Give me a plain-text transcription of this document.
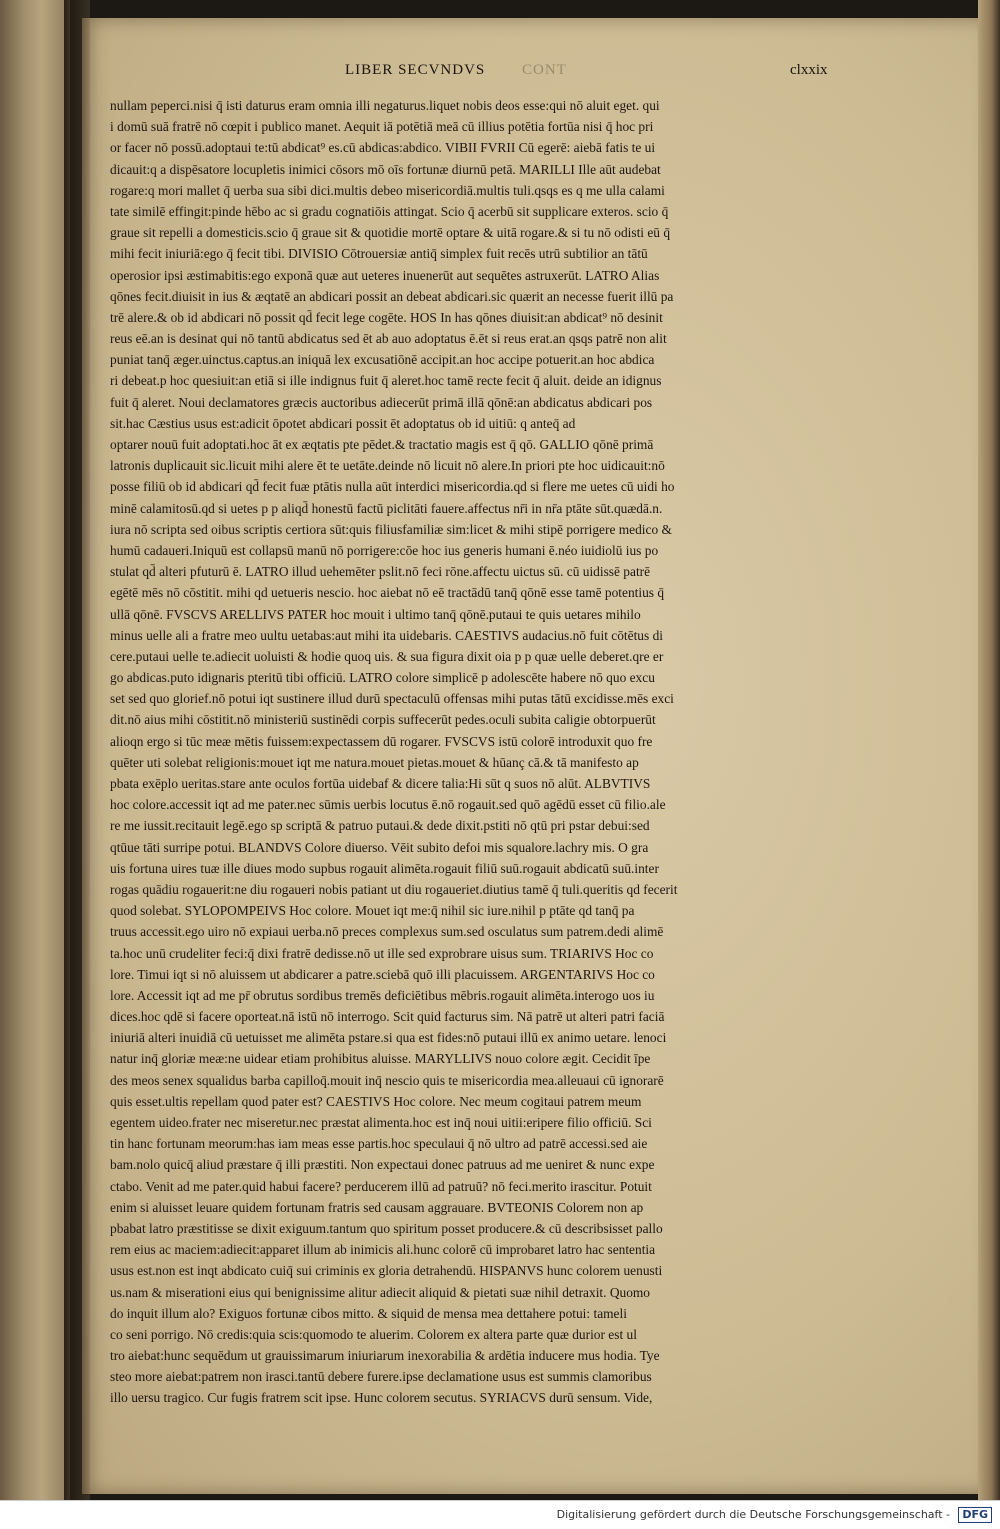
LIBER SECVNDVS CONT	clxxix
nullam peperci.nisi q̄ isti daturus eram omnia illi negaturus.liquet nobis deos esse:qui nō aluit eget. qui
i domū suā fratrē nō cœpit i publico manet. Aequit iā potētiā meā cū illius potētia fortūa nisi q̄ hoc pri
or facer nō possū.adoptaui te:tū abdicat⁹ es.cū abdicas:abdico. VIBII FVRII Cū egerē: aiebā fatis te ui
dicauit:q a dispēsatore locupletis inimici cōsors mō oīs fortunæ diurnū petā. MARILLI Ille aūt audebat
rogare:q mori mallet q̄ uerba sua sibi dici.multis debeo misericordiā.multis tuli.qsqs es q me ulla calami
tate similē effingit:pinde hēbo ac si gradu cognatiōis attingat. Scio q̄ acerbū sit supplicare exteros. scio q̄
graue sit repelli a domesticis.scio q̄ graue sit & quotidie mortē optare & uitā rogare.& si tu nō odisti eū q̄
mihi fecit iniuriā:ego q̄ fecit tibi. DIVISIO Cōtrouersiæ antiq̄ simplex fuit recēs utrū subtilior an tātū
operosior ipsi æstimabitis:ego exponā quæ aut ueteres inuenerūt aut sequētes astruxerūt. LATRO Alias
qōnes fecit.diuisit in ius & æqtatē an abdicari possit an debeat abdicari.sic quærit an necesse fuerit illū pa
trē alere.& ob id abdicari nō possit qd̄ fecit lege cogēte. HOS In has qōnes diuisit:an abdicat⁹ nō desinit
reus eē.an is desinat qui nō tantū abdicatus sed ēt ab auo adoptatus ē.ēt si reus erat.an qsqs patrē non alit
puniat tanq̄ æger.uinctus.captus.an iniquā lex excusatiōnē accipit.an hoc accipe potuerit.an hoc abdica
ri debeat.p hoc quesiuit:an etiā si ille indignus fuit q̄ aleret.hoc tamē recte fecit q̄ aluit. deide an idignus
fuit q̄ aleret. Noui declamatores græcis auctoribus adiecerūt primā illā qōnē:an abdicatus abdicari pos
sit.hac Cæstius usus est:adicit ōpotet abdicari possit ēt adoptatus ob id uitiū: q anteq̄ ad
optarer nouū fuit adoptati.hoc āt ex æqtatis pte pēdet.& tractatio magis est q̄ qō. GALLIO qōnē primā
latronis duplicauit sic.licuit mihi alere ēt te uetāte.deinde nō licuit nō alere.In priori pte hoc uidicauit:nō
posse filiū ob id abdicari qd̄ fecit fuæ ptātis nulla aūt interdici misericordia.qd si flere me uetes cū uidi ho
minē calamitosū.qd si uetes p p aliqd̄ honestū factū piclitāti fauere.affectus nr̄i in nr̄a ptāte sūt.quædā.n.
iura nō scripta sed oibus scriptis certiora sūt:quis filiusfamiliæ sim:licet & mihi stipē porrigere medico &
humū cadaueri.Iniquū est collapsū manū nō porrigere:cōe hoc ius generis humani ē.néo iuidiolū ius po
stulat qd̄ alteri pfuturū ē. LATRO illud uehemēter pslit.nō feci rōne.affectu uictus sū. cū uidissē patrē
egētē mēs nō cōstitit. mihi qd uetueris nescio. hoc aiebat nō eē tractādū tanq̄ qōnē esse tamē potentius q̄
ullā qōnē. FVSCVS ARELLIVS PATER hoc mouit i ultimo tanq̄ qōnē.putaui te quis uetares mihilo
minus uelle ali a fratre meo uultu uetabas:aut mihi ita uidebaris. CAESTIVS audacius.nō fuit cōtētus di
cere.putaui uelle te.adiecit uoluisti & hodie quoq uis. & sua figura dixit oia p p quæ uelle deberet.qre er
go abdicas.puto idignaris pteritū tibi officiū. LATRO colore simplicē p adolescēte habere nō quo excu
set sed quo glorief.nō potui iqt sustinere illud durū spectaculū offensas mihi putas tātū excidisse.mēs exci
dit.nō aius mihi cōstitit.nō ministeriū sustinēdi corpis suffecerūt pedes.oculi subita caligie obtorpuerūt
alioqn ergo si tūc meæ mētis fuissem:expectassem dū rogarer. FVSCVS istū colorē introduxit quo fre
quēter uti solebat religionis:mouet iqt me natura.mouet pietas.mouet & hūanç cā.& tā manifesto ap
pbata exēplo ueritas.stare ante oculos fortūa uidebaf & dicere talia:Hi sūt q suos nō alūt. ALBVTIVS
hoc colore.accessit iqt ad me pater.nec sūmis uerbis locutus ē.nō rogauit.sed quō agēdū esset cū filio.ale
re me iussit.recitauit legē.ego sp scriptā & patruo putaui.& dede dixit.pstiti nō qtū pri pstar debui:sed
qtūue tāti surripe potui. BLANDVS Colore diuerso. Vēit subito defoi mis squalore.lachry mis. O gra
uis fortuna uires tuæ ille diues modo supbus rogauit alimēta.rogauit filiū suū.rogauit abdicatū suū.inter
rogas quādiu rogauerit:ne diu rogaueri nobis patiant ut diu rogaueriet.diutius tamē q̄ tuli.queritis qd fecerit
quod solebat. SYLOPOMPEIVS Hoc colore. Mouet iqt me:q̄ nihil sic iure.nihil p ptāte qd tanq̄ pa
truus accessit.ego uiro nō expiaui uerba.nō preces complexus sum.sed osculatus sum patrem.dedi alimē
ta.hoc unū crudeliter feci:q̄ dixi fratrē dedisse.nō ut ille sed exprobrare uisus sum. TRIARIVS Hoc co
lore. Timui iqt si nō aluissem ut abdicarer a patre.sciebā quō illi placuissem. ARGENTARIVS Hoc co
lore. Accessit iqt ad me pr̄ obrutus sordibus tremēs deficiētibus mēbris.rogauit alimēta.interogo uos iu
dices.hoc qdē si facere oporteat.nā istū nō interrogo. Scit quid facturus sim. Nā patrē ut alteri patri faciā
iniuriā alteri inuidiā cū uetuisset me alimēta pstare.si qua est fides:nō putaui illū ex animo uetare. lenoci
natur inq̄ gloriæ meæ:ne uidear etiam prohibitus aluisse. MARYLLIVS nouo colore ægit. Cecidit īpe
des meos senex squalidus barba capilloq̄.mouit inq̄ nescio quis te misericordia mea.alleuaui cū ignorarē
quis esset.ultis repellam quod pater est? CAESTIVS Hoc colore. Nec meum cogitaui patrem meum
egentem uideo.frater nec miseretur.nec præstat alimenta.hoc est inq̄ noui uitii:eripere filio officiū. Sci
tin hanc fortunam meorum:has iam meas esse partis.hoc speculaui q̄ nō ultro ad patrē accessi.sed aie
bam.nolo quicq̄ aliud præstare q̄ illi præstiti. Non expectaui donec patruus ad me ueniret & nunc expe
ctabo. Venit ad me pater.quid habui facere? perducerem illū ad patruū? nō feci.merito irascitur. Potuit
enim si aluisset leuare quidem fortunam fratris sed causam aggrauare. BVTEONIS Colorem non ap
pbabat latro præstitisse se dixit exiguum.tantum quo spiritum posset producere.& cū describsisset pallo
rem eius ac maciem:adiecit:apparet illum ab inimicis ali.hunc colorē cū improbaret latro hac sententia
usus est.non est inqt abdicato cuiq̄ sui criminis ex gloria detrahendū. HISPANVS hunc colorem uenusti
us.nam & miserationi eius qui benignissime alitur adiecit aliquid & pietati suæ nihil detraxit. Quomo
do inquit illum alo? Exiguos fortunæ cibos mitto. & siquid de mensa mea dettahere potui: tameli
co seni porrigo. Nō credis:quia scis:quomodo te aluerim. Colorem ex altera parte quæ durior est ul
tro aiebat:hunc sequēdum ut grauissimarum iniuriarum inexorabilia & ardētia inducere mus hodia. Tye
steo more aiebat:patrem non irasci.tantū debere furere.ipse declamatione usus est summis clamoribus
illo uersu tragico. Cur fugis fratrem scit ipse. Hunc colorem secutus. SYRIACVS durū sensum. Vide,
Digitalisierung gefördert durch die Deutsche Forschungsgemeinschaft -	DFG
